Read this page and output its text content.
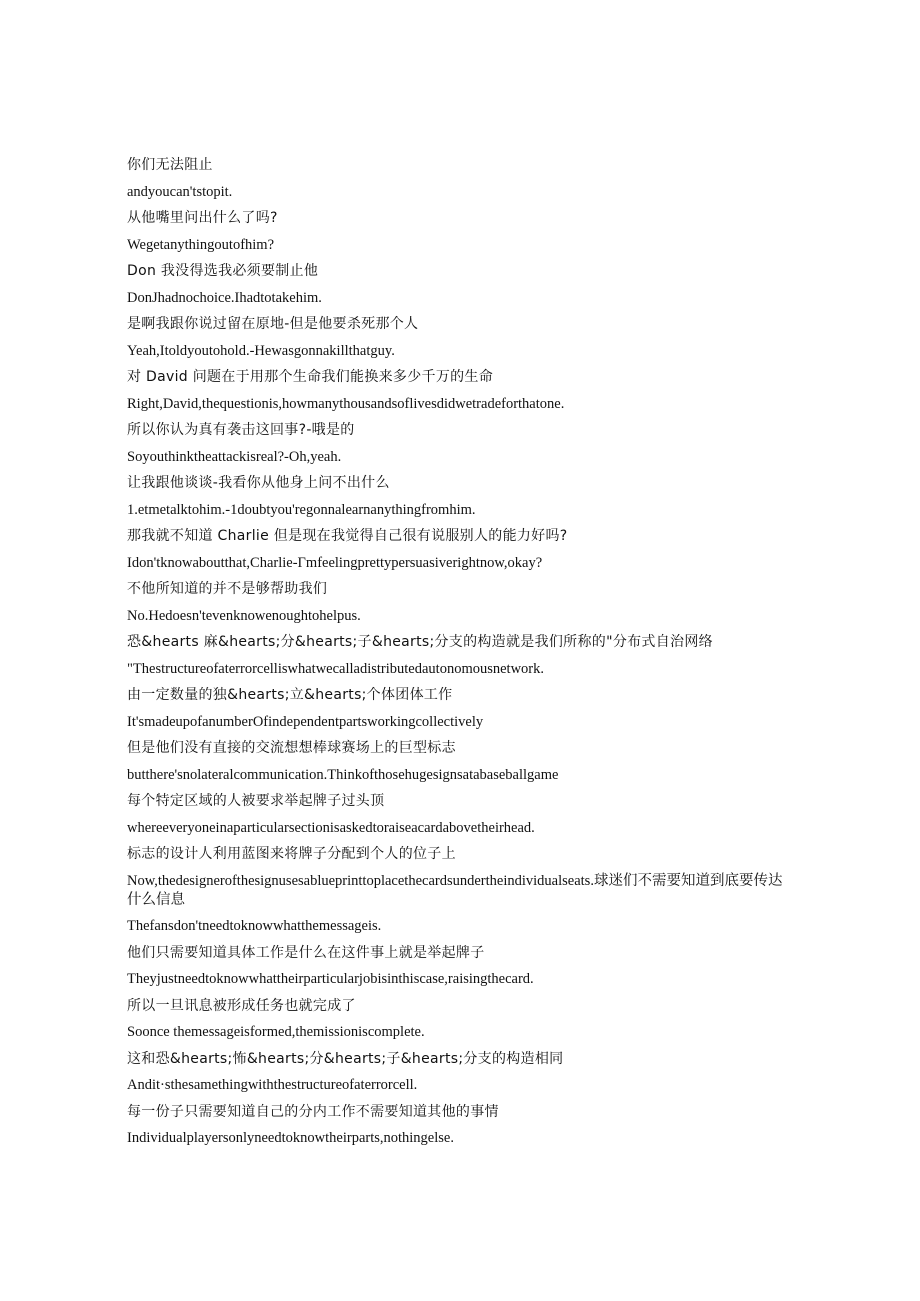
你们无法阻止
andyoucan'tstopit.
从他嘴里问出什么了吗?
Wegetanythingoutofhim?
Don 我没得选我必须要制止他
DonJhadnochoice.Ihadtotakehim.
是啊我跟你说过留在原地-但是他要杀死那个人
Yeah,Itoldyoutohold.-Hewasgonnakillthatguy.
对 David 问题在于用那个生命我们能换来多少千万的生命
Right,David,thequestionis,howmanythousandsoflivesdidwetradeforthatone.
所以你认为真有袭击这回事?-哦是的
Soyouthinktheattackisreal?-Oh,yeah.
让我跟他谈谈-我看你从他身上问不出什么
1.etmetalktohim.-1doubtyou'regonnalearnanythingfromhim.
那我就不知道 Charlie 但是现在我觉得自己很有说服别人的能力好吗?
Idon'tknowaboutthat,Charlie-Гmfeelingprettypersuasiverightnow,okay?
不他所知道的并不是够帮助我们
No.Hedoesn'tevenknowenoughtohelpus.
恐&hearts 麻&hearts;分&hearts;子&hearts;分支的构造就是我们所称的"分布式自治网络
"Thestructureofaterrorcelliswhatwecalladistributedautonomousnetwork.
由一定数量的独&hearts;立&hearts;个体团体工作
It'smadeupofanumberOfindependentpartsworkingcollectively
但是他们没有直接的交流想想棒球赛场上的巨型标志
butthere'snolateralcommunication.Thinkofthosehugesignsatabaseballgame
每个特定区域的人被要求举起牌子过头顶
whereeveryoneinaparticularsectionisaskedtoraiseacardabovetheirhead.
标志的设计人利用蓝图来将牌子分配到个人的位子上
Now,thedesignerofthesignusesablueprinttoplacethecardsundertheindividualseats.球迷们不需要知道到底要传达什么信息
Thefansdon'tneedtoknowwhatthemessageis.
他们只需要知道具体工作是什么在这件事上就是举起牌子
Theyjustneedtoknowwhattheirparticularjobisinthiscase,raisingthecard.
所以一旦讯息被形成任务也就完成了
Soonce themessageisformed,themissioniscomplete.
这和恐&hearts;怖&hearts;分&hearts;子&hearts;分支的构造相同
Andit·sthesamethingwiththestructureofaterrorcell.
每一份子只需要知道自己的分内工作不需要知道其他的事情
Individualplayersonlyneedtoknowtheirparts,nothingelse.
